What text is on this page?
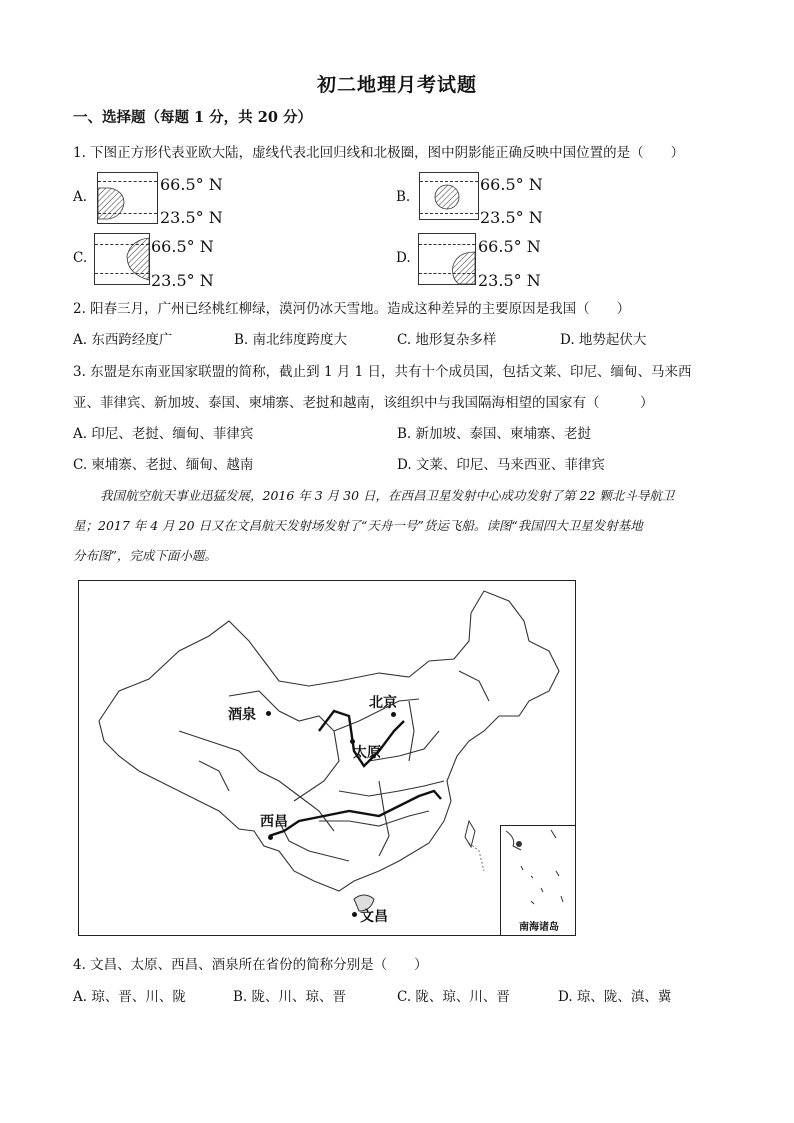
初二地理月考试题
一、选择题（每题 1 分，共 20 分）
1. 下图正方形代表亚欧大陆，虚线代表北回归线和北极圈，图中阴影能正确反映中国位置的是（　　）
A.
66.5° N
23.5° N
B.
66.5° N
23.5° N
C.
66.5° N
23.5° N
D.
66.5° N
23.5° N
2. 阳春三月，广州已经桃红柳绿，漠河仍冰天雪地。造成这种差异的主要原因是我国（　　）
A. 东西跨经度广	B. 南北纬度跨度大	C. 地形复杂多样	D. 地势起伏大
3. 东盟是东南亚国家联盟的简称，截止到 1 月 1 日，共有十个成员国，包括文莱、印尼、缅甸、马来西
亚、菲律宾、新加坡、泰国、柬埔寨、老挝和越南，该组织中与我国隔海相望的国家有（　　　）
A. 印尼、老挝、缅甸、菲律宾	B. 新加坡、泰国、柬埔寨、老挝
C. 柬埔寨、老挝、缅甸、越南	D. 文莱、印尼、马来西亚、菲律宾
我国航空航天事业迅猛发展，2016 年 3 月 30 日，在西昌卫星发射中心成功发射了第 22 颗北斗导航卫
星；2017 年 4 月 20 日又在文昌航天发射场发射了“天舟一号”货运飞船。读图“我国四大卫星发射基地
分布图”，完成下面小题。
酒泉
北京
太原
西昌
文昌
南海诸岛
4. 文昌、太原、西昌、酒泉所在省份的简称分别是（　　）
A. 琼、晋、川、陇	B. 陇、川、琼、晋	C. 陇、琼、川、晋	D. 琼、陇、滇、冀
